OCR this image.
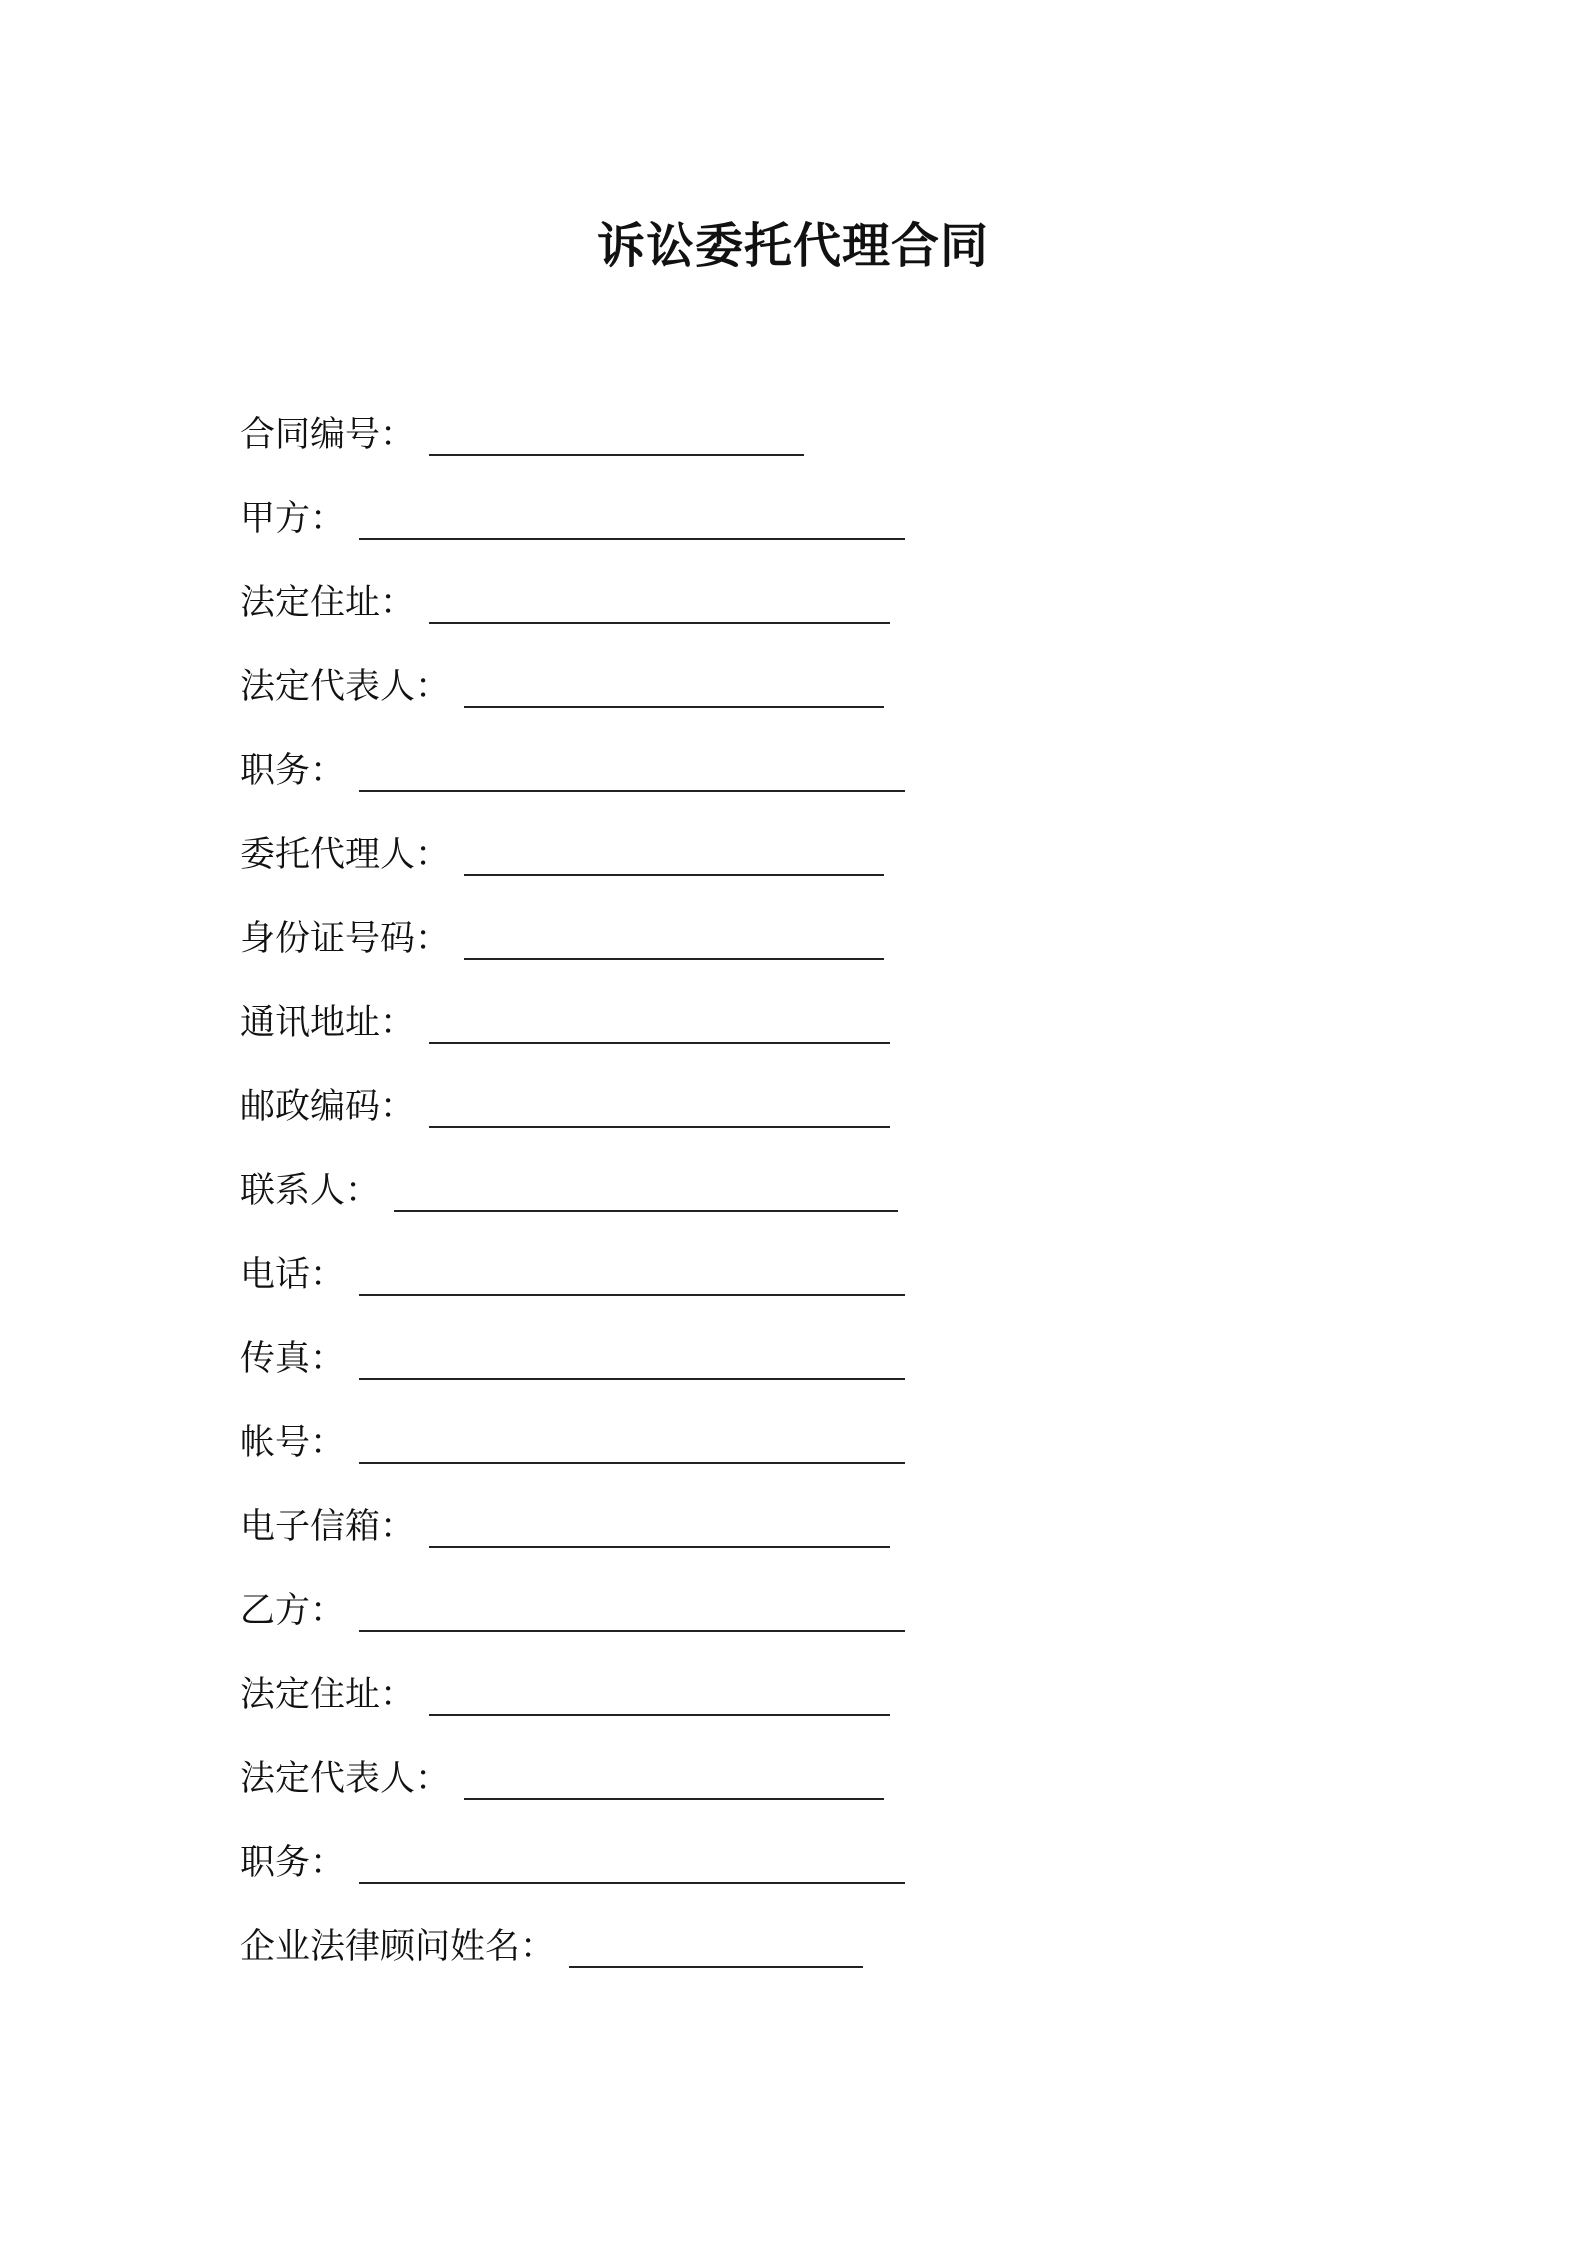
诉讼委托代理合同
合同编号：
甲方：
法定住址：
法定代表人：
职务：
委托代理人：
身份证号码：
通讯地址：
邮政编码：
联系人：
电话：
传真：
帐号：
电子信箱：
乙方：
法定住址：
法定代表人：
职务：
企业法律顾问姓名：
